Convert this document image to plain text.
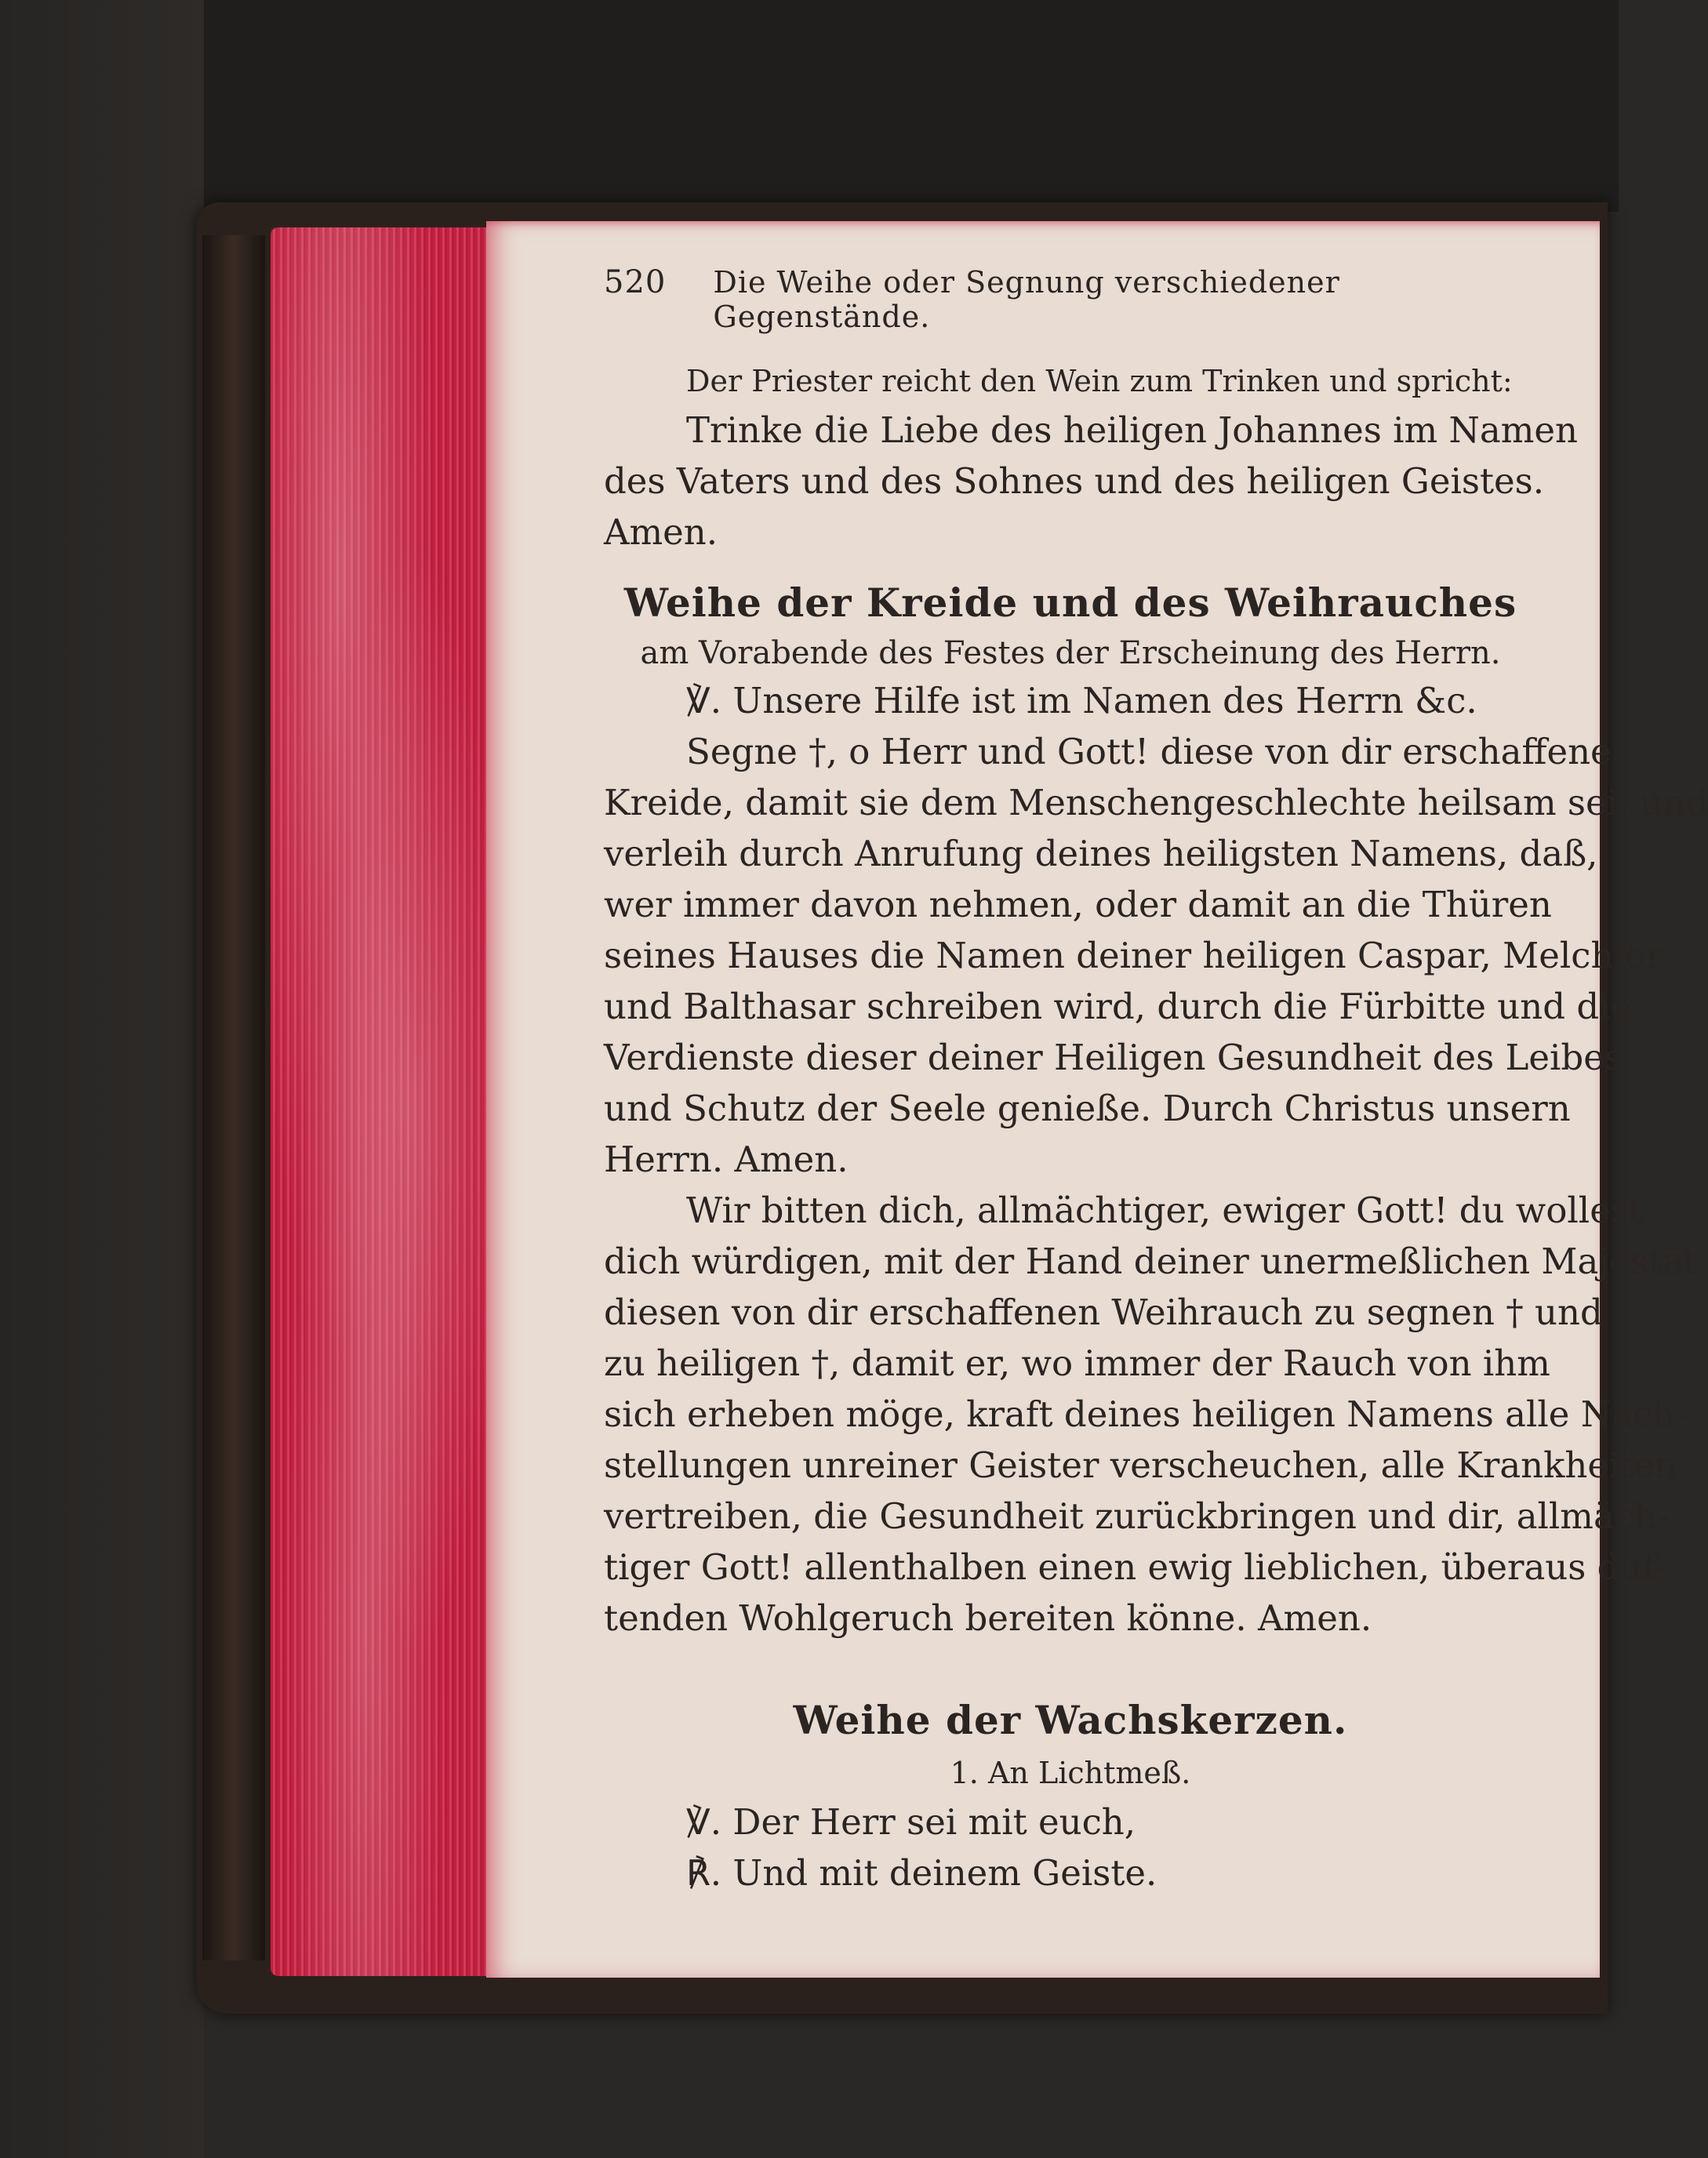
520 Die Weihe oder Segnung verschiedener Gegenstände.
Der Priester reicht den Wein zum Trinken und spricht:
Trinke die Liebe des heiligen Johannes im Namen
des Vaters und des Sohnes und des heiligen Geistes.
Amen.
Weihe der Kreide und des Weihrauches
am Vorabende des Festes der Erscheinung des Herrn.
℣. Unsere Hilfe ist im Namen des Herrn &c.
Segne †, o Herr und Gott! diese von dir erschaffene
Kreide, damit sie dem Menschengeschlechte heilsam sei, und
verleih durch Anrufung deines heiligsten Namens, daß,
wer immer davon nehmen, oder damit an die Thüren
seines Hauses die Namen deiner heiligen Caspar, Melchior
und Balthasar schreiben wird, durch die Fürbitte und die
Verdienste dieser deiner Heiligen Gesundheit des Leibes
und Schutz der Seele genieße. Durch Christus unsern
Herrn. Amen.
Wir bitten dich, allmächtiger, ewiger Gott! du wollest
dich würdigen, mit der Hand deiner unermeßlichen Majestät
diesen von dir erschaffenen Weihrauch zu segnen † und
zu heiligen †, damit er, wo immer der Rauch von ihm
sich erheben möge, kraft deines heiligen Namens alle Nach-
stellungen unreiner Geister verscheuchen, alle Krankheiten
vertreiben, die Gesundheit zurückbringen und dir, allmäch-
tiger Gott! allenthalben einen ewig lieblichen, überaus duf-
tenden Wohlgeruch bereiten könne. Amen.
Weihe der Wachskerzen.
1. An Lichtmeß.
℣. Der Herr sei mit euch,
℟. Und mit deinem Geiste.
